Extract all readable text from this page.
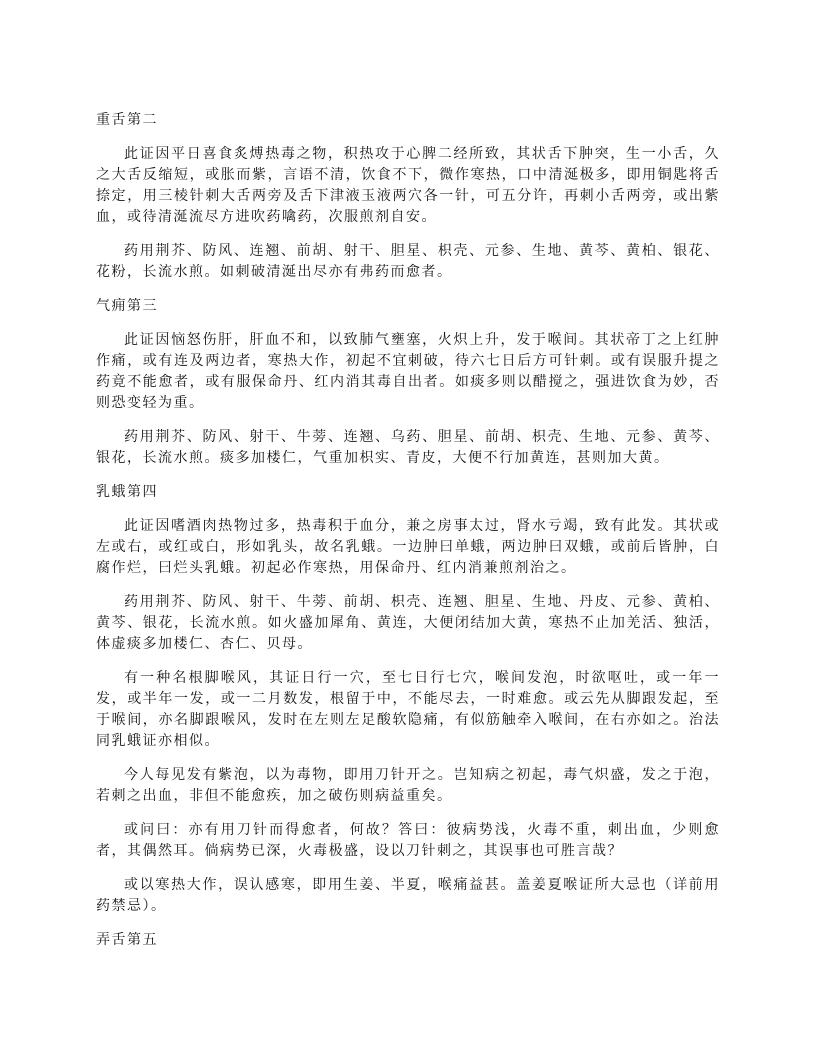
重舌第二

此证因平日喜食炙煿热毒之物，积热攻于心脾二经所致，其状舌下肿突，生一小舌，久之大舌反缩短，或胀而紫，言语不清，饮食不下，微作寒热，口中清涎极多，即用铜匙将舌捺定，用三棱针刺大舌两旁及舌下津液玉液两穴各一针，可五分许，再刺小舌两旁，或出紫血，或待清涎流尽方进吹药噙药，次服煎剂自安。

药用荆芥、防风、连翘、前胡、射干、胆星、枳壳、元参、生地、黄芩、黄柏、银花、花粉，长流水煎。如刺破清涎出尽亦有弗药而愈者。

气痈第三

此证因恼怒伤肝，肝血不和，以致肺气壅塞，火炽上升，发于喉间。其状帝丁之上红肿作痛，或有连及两边者，寒热大作，初起不宜刺破，待六七日后方可针刺。或有误服升提之药竟不能愈者，或有服保命丹、红内消其毒自出者。如痰多则以醋搅之，强进饮食为妙，否则恐变轻为重。

药用荆芥、防风、射干、牛蒡、连翘、乌药、胆星、前胡、枳壳、生地、元参、黄芩、银花，长流水煎。痰多加楼仁，气重加枳实、青皮，大便不行加黄连，甚则加大黄。

乳蛾第四

此证因嗜酒肉热物过多，热毒积于血分，兼之房事太过，肾水亏竭，致有此发。其状或左或右，或红或白，形如乳头，故名乳蛾。一边肿曰单蛾，两边肿曰双蛾，或前后皆肿，白腐作烂，曰烂头乳蛾。初起必作寒热，用保命丹、红内消兼煎剂治之。

药用荆芥、防风、射干、牛蒡、前胡、枳壳、连翘、胆星、生地、丹皮、元参、黄柏、黄芩、银花，长流水煎。如火盛加犀角、黄连，大便闭结加大黄，寒热不止加羌活、独活，体虚痰多加楼仁、杏仁、贝母。

有一种名根脚喉风，其证日行一穴，至七日行七穴，喉间发泡，时欲呕吐，或一年一发，或半年一发，或一二月数发，根留于中，不能尽去，一时难愈。或云先从脚跟发起，至于喉间，亦名脚跟喉风，发时在左则左足酸软隐痛，有似筋触牵入喉间，在右亦如之。治法同乳蛾证亦相似。

今人每见发有紫泡，以为毒物，即用刀针开之。岂知病之初起，毒气炽盛，发之于泡，若刺之出血，非但不能愈疾，加之破伤则病益重矣。

或问曰：亦有用刀针而得愈者，何故？答曰：彼病势浅，火毒不重，刺出血，少则愈者，其偶然耳。倘病势已深，火毒极盛，设以刀针刺之，其误事也可胜言哉？

或以寒热大作，误认感寒，即用生姜、半夏，喉痛益甚。盖姜夏喉证所大忌也（详前用药禁忌）。

弄舌第五
